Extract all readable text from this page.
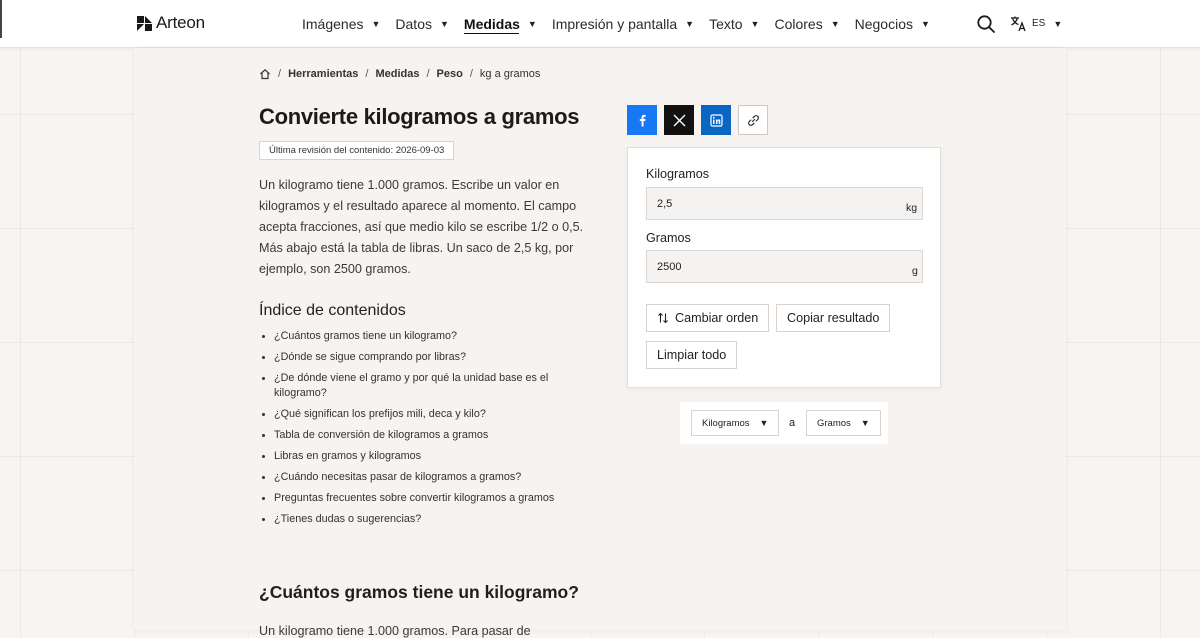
Arteon	Imágenes ▼ Datos ▼ Medidas ▼ Impresión y pantalla ▼ Texto ▼ Colores ▼ Negocios ▼	ES ▼
/ Herramientas / Medidas / Peso / kg a gramos
Convierte kilogramos a gramos
Última revisión del contenido: 2026-09-03

Un kilogramo tiene 1.000 gramos. Escribe un valor en kilogramos y el resultado aparece al momento. El campo acepta fracciones, así que medio kilo se escribe 1/2 o 0,5. Más abajo está la tabla de libras. Un saco de 2,5 kg, por ejemplo, son 2500 gramos.

Índice de contenidos
¿Cuántos gramos tiene un kilogramo?
¿Dónde se sigue comprando por libras?
¿De dónde viene el gramo y por qué la unidad base es el kilogramo?
¿Qué significan los prefijos mili, deca y kilo?
Tabla de conversión de kilogramos a gramos
Libras en gramos y kilogramos
¿Cuándo necesitas pasar de kilogramos a gramos?
Preguntas frecuentes sobre convertir kilogramos a gramos
¿Tienes dudas o sugerencias?
¿Cuántos gramos tiene un kilogramo?
Un kilogramo tiene 1.000 gramos. Para pasar de
Kilogramos
2,5	kg
Gramos
2500	g
Cambiar orden Copiar resultado
Limpiar todo
Kilogramos ▼ a Gramos ▼
